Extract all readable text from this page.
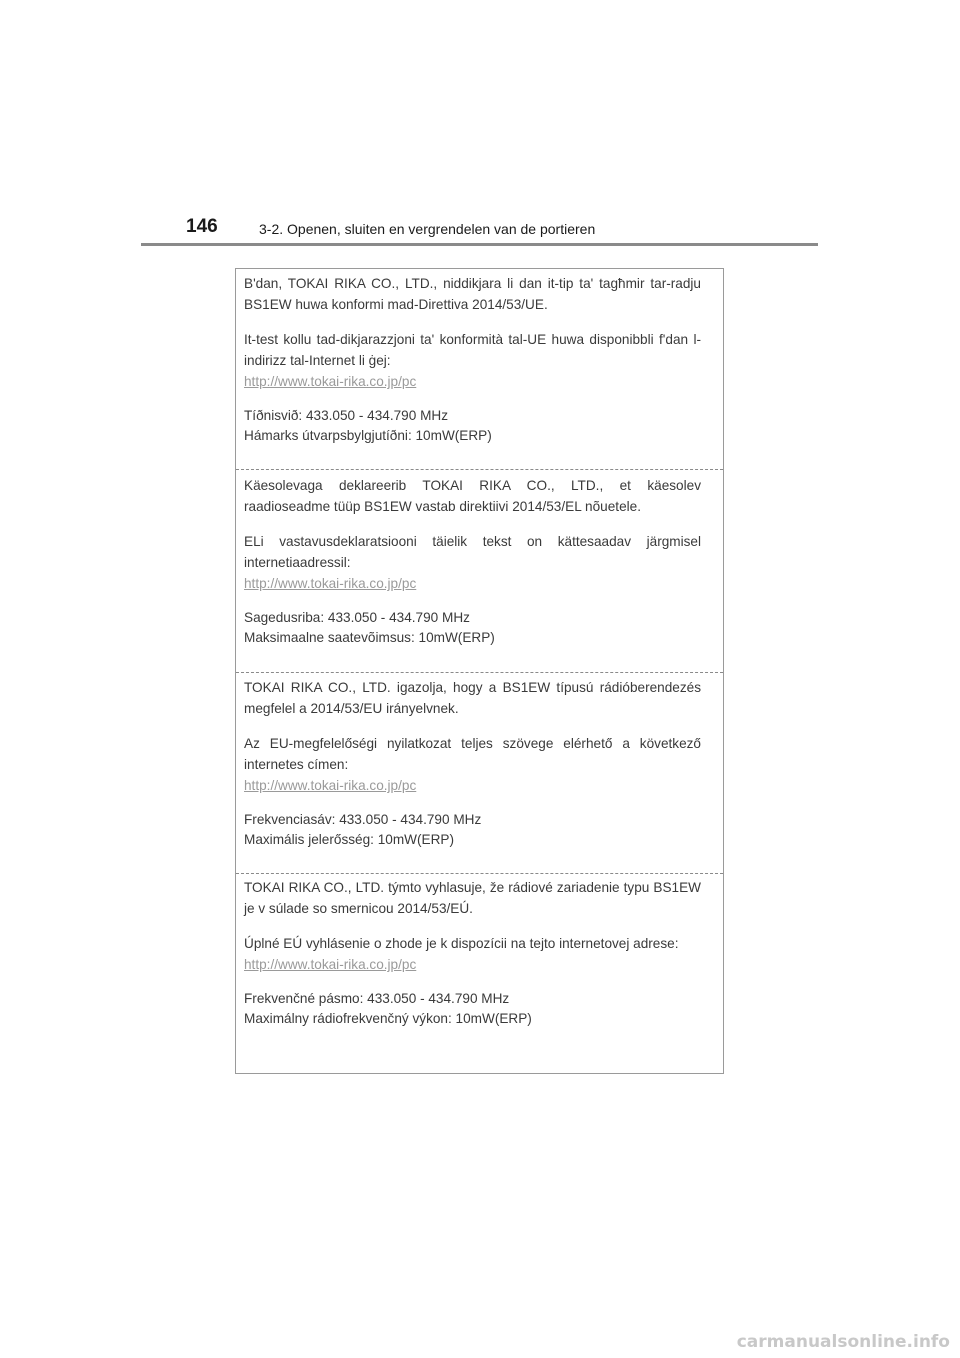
146	3-2. Openen, sluiten en vergrendelen van de portieren

B'dan, TOKAI RIKA CO., LTD., niddikjara li dan it-tip ta' tagħmir tar-radju BS1EW huwa konformi mad-Direttiva 2014/53/UE.

It-test kollu tad-dikjarazzjoni ta' konformità tal-UE huwa disponibbli f'dan l-indirizz tal-Internet li ġej:

http://www.tokai-rika.co.jp/pc
Tíðnisvið: 433.050 - 434.790 MHz
Hámarks útvarpsbylgjutíðni: 10mW(ERP)

Käesolevaga deklareerib TOKAI RIKA CO., LTD., et käesolev raadioseadme tüüp BS1EW vastab direktiivi 2014/53/EL nõuetele.

ELi vastavusdeklaratsiooni täielik tekst on kättesaadav järgmisel internetiaadressil:

http://www.tokai-rika.co.jp/pc
Sagedusriba: 433.050 - 434.790 MHz
Maksimaalne saatevõimsus: 10mW(ERP)

TOKAI RIKA CO., LTD. igazolja, hogy a BS1EW típusú rádióberendezés megfelel a 2014/53/EU irányelvnek.

Az EU-megfelelőségi nyilatkozat teljes szövege elérhető a következő internetes címen:

http://www.tokai-rika.co.jp/pc
Frekvenciasáv: 433.050 - 434.790 MHz
Maximális jelerősség: 10mW(ERP)

TOKAI RIKA CO., LTD. týmto vyhlasuje, že rádiové zariadenie typu BS1EW je v súlade so smernicou 2014/53/EÚ.

Úplné EÚ vyhlásenie o zhode je k dispozícii na tejto internetovej adrese:

http://www.tokai-rika.co.jp/pc
Frekvenčné pásmo: 433.050 - 434.790 MHz
Maximálny rádiofrekvenčný výkon: 10mW(ERP)
carmanualsonline.info
